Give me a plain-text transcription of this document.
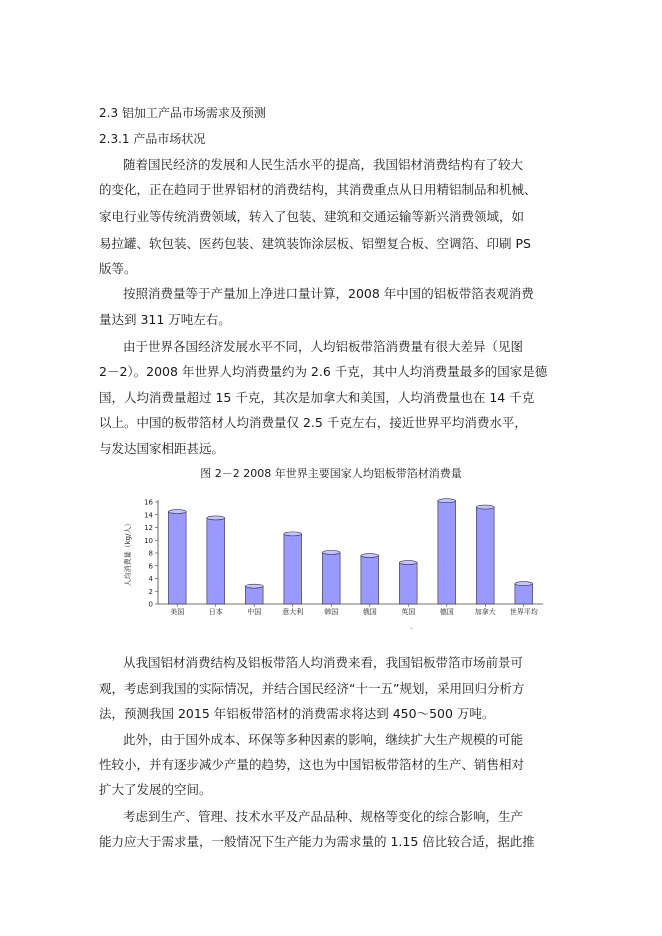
2.3 铝加工产品市场需求及预测
2.3.1 产品市场状况
随着国民经济的发展和人民生活水平的提高，我国铝材消费结构有了较大
的变化，正在趋同于世界铝材的消费结构，其消费重点从日用精铝制品和机械、
家电行业等传统消费领域，转入了包装、建筑和交通运输等新兴消费领域，如
易拉罐、软包装、医药包装、建筑装饰涂层板、铝塑复合板、空调箔、印刷 PS
版等。
按照消费量等于产量加上净进口量计算，2008 年中国的铝板带箔表观消费
量达到 311 万吨左右。
由于世界各国经济发展水平不同，人均铝板带箔消费量有很大差异（见图
2－2）。2008 年世界人均消费量约为 2.6 千克，其中人均消费量最多的国家是德
国，人均消费量超过 15 千克，其次是加拿大和美国，人均消费量也在 14 千克
以上。中国的板带箔材人均消费量仅 2.5 千克左右，接近世界平均消费水平，
与发达国家相距甚远。
图 2－2 2008 年世界主要国家人均铝板带箔材消费量
人均消费量（kg/人）
0
2
4
6
8
10
12
14
16
美国	日本	中国	意大利	韩国	俄国	英国	德国	加拿大 世界平均
.
从我国铝材消费结构及铝板带箔人均消费来看，我国铝板带箔市场前景可
观，考虑到我国的实际情况，并结合国民经济“十一五”规划，采用回归分析方
法，预测我国 2015 年铝板带箔材的消费需求将达到 450～500 万吨。
此外，由于国外成本、环保等多种因素的影响，继续扩大生产规模的可能
性较小，并有逐步减少产量的趋势，这也为中国铝板带箔材的生产、销售相对
扩大了发展的空间。
考虑到生产、管理、技术水平及产品品种、规格等变化的综合影响，生产
能力应大于需求量，一般情况下生产能力为需求量的 1.15 倍比较合适，据此推
